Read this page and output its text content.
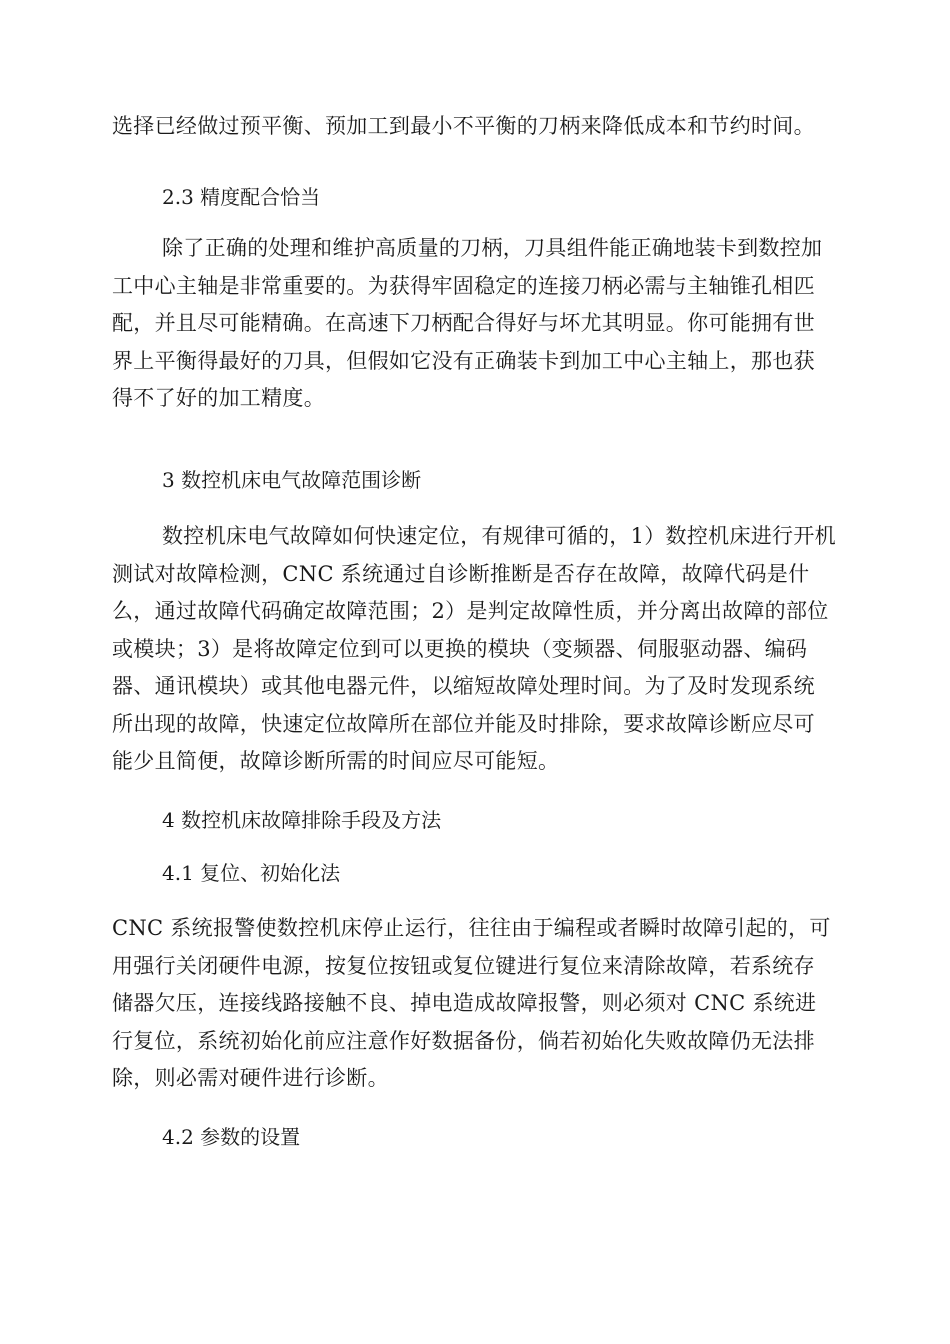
选择已经做过预平衡、预加工到最小不平衡的刀柄来降低成本和节约时间。

2.3 精度配合恰当

除了正确的处理和维护高质量的刀柄，刀具组件能正确地装卡到数控加工中心主轴是非常重要的。为获得牢固稳定的连接刀柄必需与主轴锥孔相匹配，并且尽可能精确。在高速下刀柄配合得好与坏尤其明显。你可能拥有世界上平衡得最好的刀具，但假如它没有正确装卡到加工中心主轴上，那也获得不了好的加工精度。

3 数控机床电气故障范围诊断

数控机床电气故障如何快速定位，有规律可循的，1）数控机床进行开机测试对故障检测，CNC 系统通过自诊断推断是否存在故障，故障代码是什么，通过故障代码确定故障范围；2）是判定故障性质，并分离出故障的部位或模块；3）是将故障定位到可以更换的模块（变频器、伺服驱动器、编码器、通讯模块）或其他电器元件，以缩短故障处理时间。为了及时发现系统所出现的故障，快速定位故障所在部位并能及时排除，要求故障诊断应尽可能少且简便，故障诊断所需的时间应尽可能短。

4 数控机床故障排除手段及方法

4.1 复位、初始化法

CNC 系统报警使数控机床停止运行，往往由于编程或者瞬时故障引起的，可用强行关闭硬件电源，按复位按钮或复位键进行复位来清除故障，若系统存储器欠压，连接线路接触不良、掉电造成故障报警，则必须对 CNC 系统进行复位，系统初始化前应注意作好数据备份，倘若初始化失败故障仍无法排除，则必需对硬件进行诊断。

4.2 参数的设置
